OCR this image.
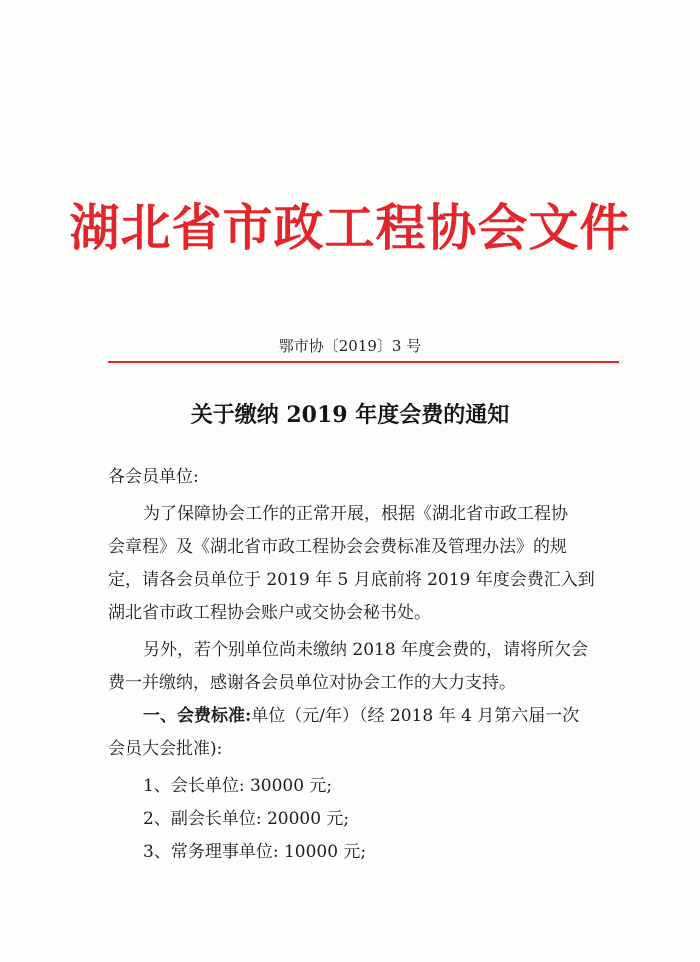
湖北省市政工程协会文件
鄂市协〔2019〕3 号
关于缴纳 2019 年度会费的通知
各会员单位:
为了保障协会工作的正常开展，根据《湖北省市政工程协
会章程》及《湖北省市政工程协会会费标准及管理办法》的规
定，请各会员单位于 2019 年 5 月底前将 2019 年度会费汇入到
湖北省市政工程协会账户或交协会秘书处。
另外，若个别单位尚未缴纳 2018 年度会费的，请将所欠会
费一并缴纳，感谢各会员单位对协会工作的大力支持。
一、会费标准:单位（元/年）（经 2018 年 4 月第六届一次
会员大会批准):
1、会长单位: 30000 元;
2、副会长单位: 20000 元;
3、常务理事单位: 10000 元;
